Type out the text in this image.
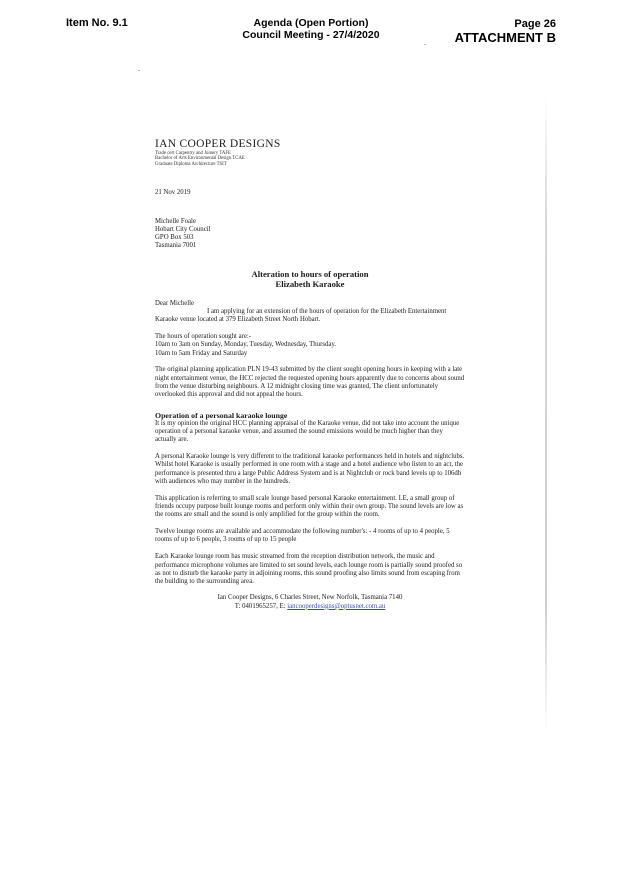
Item No. 9.1	Agenda (Open Portion)
Council Meeting - 27/4/2020
Page 26
ATTACHMENT B
IAN COOPER DESIGNS
Trade cert Carpentry and Joinery TAFE
Bachelor of Arts Environmental Design TCAE
Graduate Diploma Architecture TSIT
21 Nov 2019
Michelle Foale
Hobart City Council
GPO Box 503
Tasmania 7001
Alteration to hours of operation
Elizabeth Karaoke
Dear Michelle

I am applying for an extension of the hours of operation for the Elizabeth Entertainment Karaoke venue located at 379 Elizabeth Street North Hobart.

The hours of operation sought are:-
10am to 3am on Sunday, Monday, Tuesday, Wednesday, Thursday.
10am to 5am Friday and Saturday

The original planning application PLN 19-43 submitted by the client sought opening hours in keeping with a late night entertainment venue, the HCC rejected the requested opening hours apparently due to concerns about sound from the venue disturbing neighbours. A 12 midnight closing time was granted, The client unfortunately overlooked this approval and did not appeal the hours.

Operation of a personal karaoke lounge

It is my opinion the original HCC planning appraisal of the Karaoke venue, did not take into account the unique operation of a personal karaoke venue, and assumed the sound emissions would be much higher than they actually are.

A personal Karaoke lounge is very different to the traditional karaoke performances held in hotels and nightclubs. Whilst hotel Karaoke is usually performed in one room with a stage and a hotel audience who listen to an act, the performance is presented thru a large Public Address System and is at Nightclub or rock band levels up to 106db with audiences who may number in the hundreds.

This application is referring to small scale lounge based personal Karaoke entertainment. I.E, a small group of friends occupy purpose built lounge rooms and perform only within their own group. The sound levels are low as the rooms are small and the sound is only amplified for the group within the room.

Twelve lounge rooms are available and accommodate the following number's: - 4 rooms of up to 4 people, 5 rooms of up to 6 people, 3 rooms of up to 15 people

Each Karaoke lounge room has music streamed from the reception distribution network, the music and performance microphone volumes are limited to set sound levels, each lounge room is partially sound proofed so as not to disturb the karaoke party in adjoining rooms, this sound proofing also limits sound from escaping from the building to the surrounding area.

Ian Cooper Designs, 6 Charles Street, New Norfolk, Tasmania 7140
T: 0401965257, E: iancooperdesigns@optusnet.com.au
